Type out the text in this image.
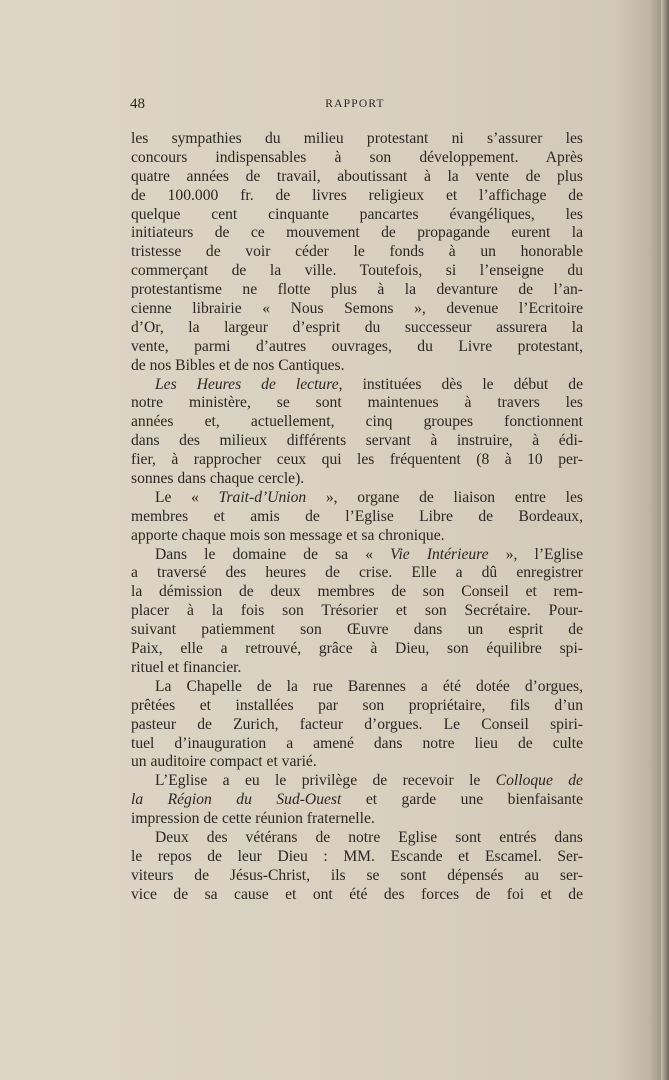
48	RAPPORT
les sympathies du milieu protestant ni s’assurer les
concours indispensables à son développement. Après
quatre années de travail, aboutissant à la vente de plus
de 100.000 fr. de livres religieux et l’affichage de
quelque cent cinquante pancartes évangéliques, les
initiateurs de ce mouvement de propagande eurent la
tristesse de voir céder le fonds à un honorable
commerçant de la ville. Toutefois, si l’enseigne du
protestantisme ne flotte plus à la devanture de l’an-
cienne librairie « Nous Semons », devenue l’Ecritoire
d’Or, la largeur d’esprit du successeur assurera la
vente, parmi d’autres ouvrages, du Livre protestant,
de nos Bibles et de nos Cantiques.
Les Heures de lecture, instituées dès le début de
notre ministère, se sont maintenues à travers les
années et, actuellement, cinq groupes fonctionnent
dans des milieux différents servant à instruire, à édi-
fier, à rapprocher ceux qui les fréquentent (8 à 10 per-
sonnes dans chaque cercle).
Le « Trait-d’Union », organe de liaison entre les
membres et amis de l’Eglise Libre de Bordeaux,
apporte chaque mois son message et sa chronique.
Dans le domaine de sa « Vie Intérieure », l’Eglise
a traversé des heures de crise. Elle a dû enregistrer
la démission de deux membres de son Conseil et rem-
placer à la fois son Trésorier et son Secrétaire. Pour-
suivant patiemment son Œuvre dans un esprit de
Paix, elle a retrouvé, grâce à Dieu, son équilibre spi-
rituel et financier.
La Chapelle de la rue Barennes a été dotée d’orgues,
prêtées et installées par son propriétaire, fils d’un
pasteur de Zurich, facteur d’orgues. Le Conseil spiri-
tuel d’inauguration a amené dans notre lieu de culte
un auditoire compact et varié.
L’Eglise a eu le privilège de recevoir le Colloque de
la Région du Sud-Ouest et garde une bienfaisante
impression de cette réunion fraternelle.
Deux des vétérans de notre Eglise sont entrés dans
le repos de leur Dieu : MM. Escande et Escamel. Ser-
viteurs de Jésus-Christ, ils se sont dépensés au ser-
vice de sa cause et ont été des forces de foi et de
